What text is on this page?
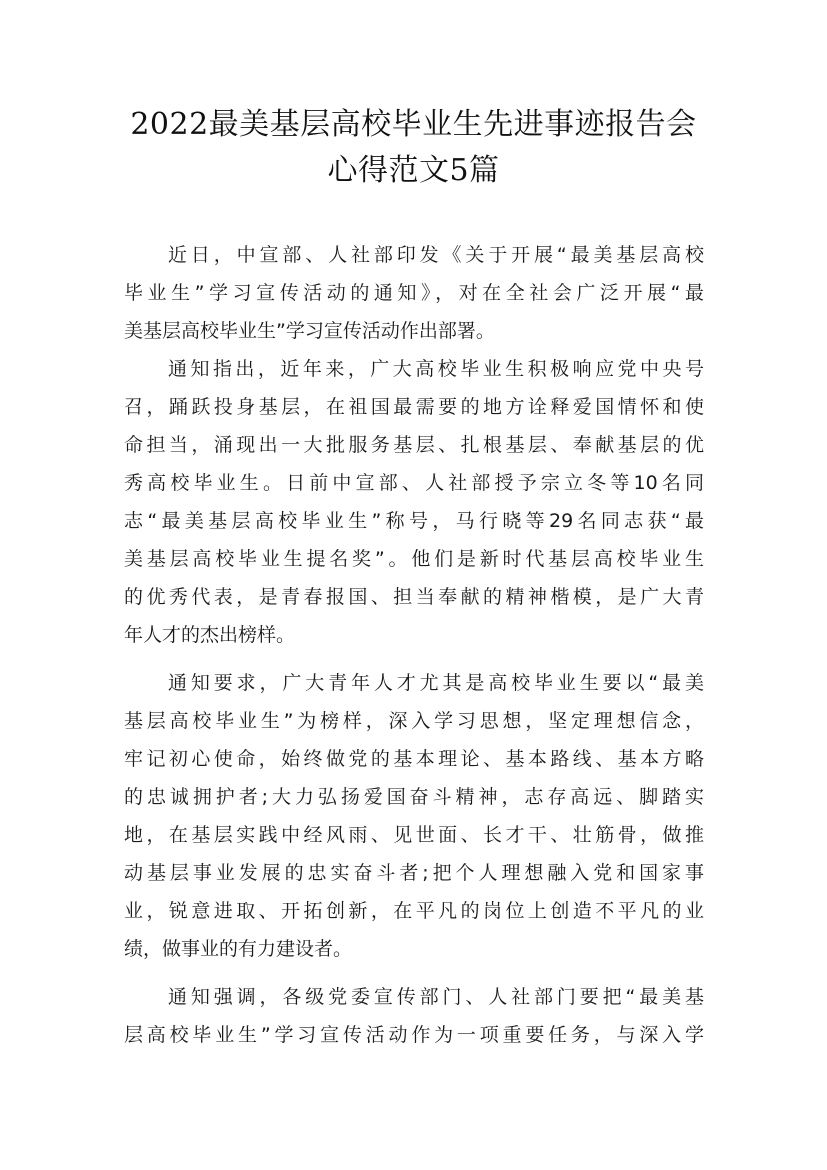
2022最美基层高校毕业生先进事迹报告会
心得范文5篇
近日，中宣部、人社部印发《关于开展“最美基层高校
毕业生”学习宣传活动的通知》，对在全社会广泛开展“最
美基层高校毕业生”学习宣传活动作出部署。
通知指出，近年来，广大高校毕业生积极响应党中央号
召，踊跃投身基层，在祖国最需要的地方诠释爱国情怀和使
命担当，涌现出一大批服务基层、扎根基层、奉献基层的优
秀高校毕业生。日前中宣部、人社部授予宗立冬等10名同
志“最美基层高校毕业生”称号，马行晓等29名同志获“最
美基层高校毕业生提名奖”。他们是新时代基层高校毕业生
的优秀代表，是青春报国、担当奉献的精神楷模，是广大青
年人才的杰出榜样。
通知要求，广大青年人才尤其是高校毕业生要以“最美
基层高校毕业生”为榜样，深入学习思想，坚定理想信念，
牢记初心使命，始终做党的基本理论、基本路线、基本方略
的忠诚拥护者;大力弘扬爱国奋斗精神，志存高远、脚踏实
地，在基层实践中经风雨、见世面、长才干、壮筋骨，做推
动基层事业发展的忠实奋斗者;把个人理想融入党和国家事
业，锐意进取、开拓创新，在平凡的岗位上创造不平凡的业
绩，做事业的有力建设者。
通知强调，各级党委宣传部门、人社部门要把“最美基
层高校毕业生”学习宣传活动作为一项重要任务，与深入学
